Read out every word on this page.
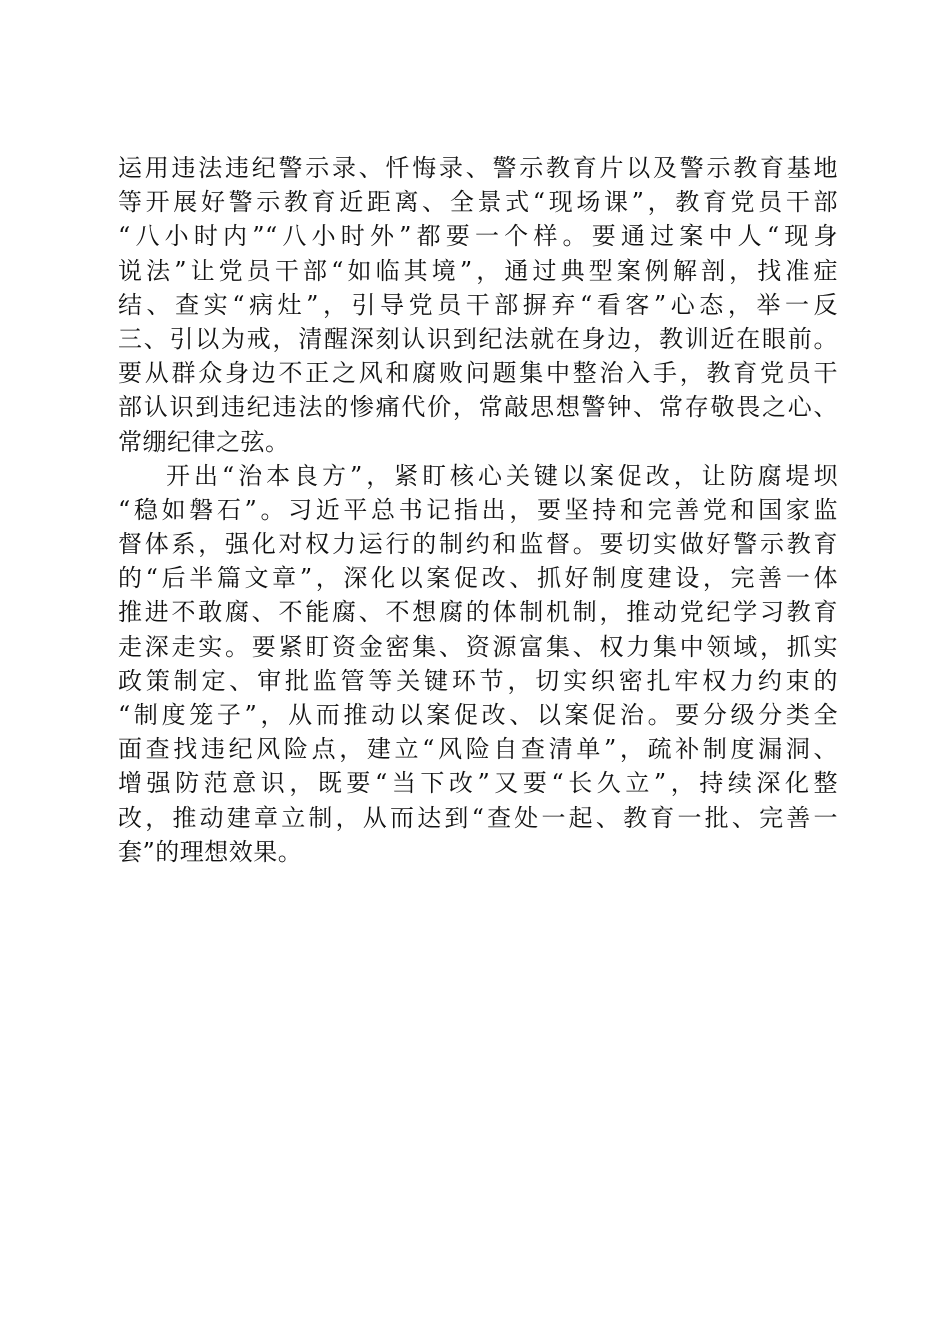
运用违法违纪警示录、忏悔录、警示教育片以及警示教育基地
等开展好警示教育近距离、全景式“现场课”，教育党员干部
“八小时内”“八小时外”都要一个样。要通过案中人“现身
说法”让党员干部“如临其境”，通过典型案例解剖，找准症
结、查实“病灶”，引导党员干部摒弃“看客”心态，举一反
三、引以为戒，清醒深刻认识到纪法就在身边，教训近在眼前。
要从群众身边不正之风和腐败问题集中整治入手，教育党员干
部认识到违纪违法的惨痛代价，常敲思想警钟、常存敬畏之心、
常绷纪律之弦。
开出“治本良方”，紧盯核心关键以案促改，让防腐堤坝
“稳如磐石”。习近平总书记指出，要坚持和完善党和国家监
督体系，强化对权力运行的制约和监督。要切实做好警示教育
的“后半篇文章”，深化以案促改、抓好制度建设，完善一体
推进不敢腐、不能腐、不想腐的体制机制，推动党纪学习教育
走深走实。要紧盯资金密集、资源富集、权力集中领域，抓实
政策制定、审批监管等关键环节，切实织密扎牢权力约束的
“制度笼子”，从而推动以案促改、以案促治。要分级分类全
面查找违纪风险点，建立“风险自查清单”，疏补制度漏洞、
增强防范意识，既要“当下改”又要“长久立”，持续深化整
改，推动建章立制，从而达到“查处一起、教育一批、完善一
套”的理想效果。
